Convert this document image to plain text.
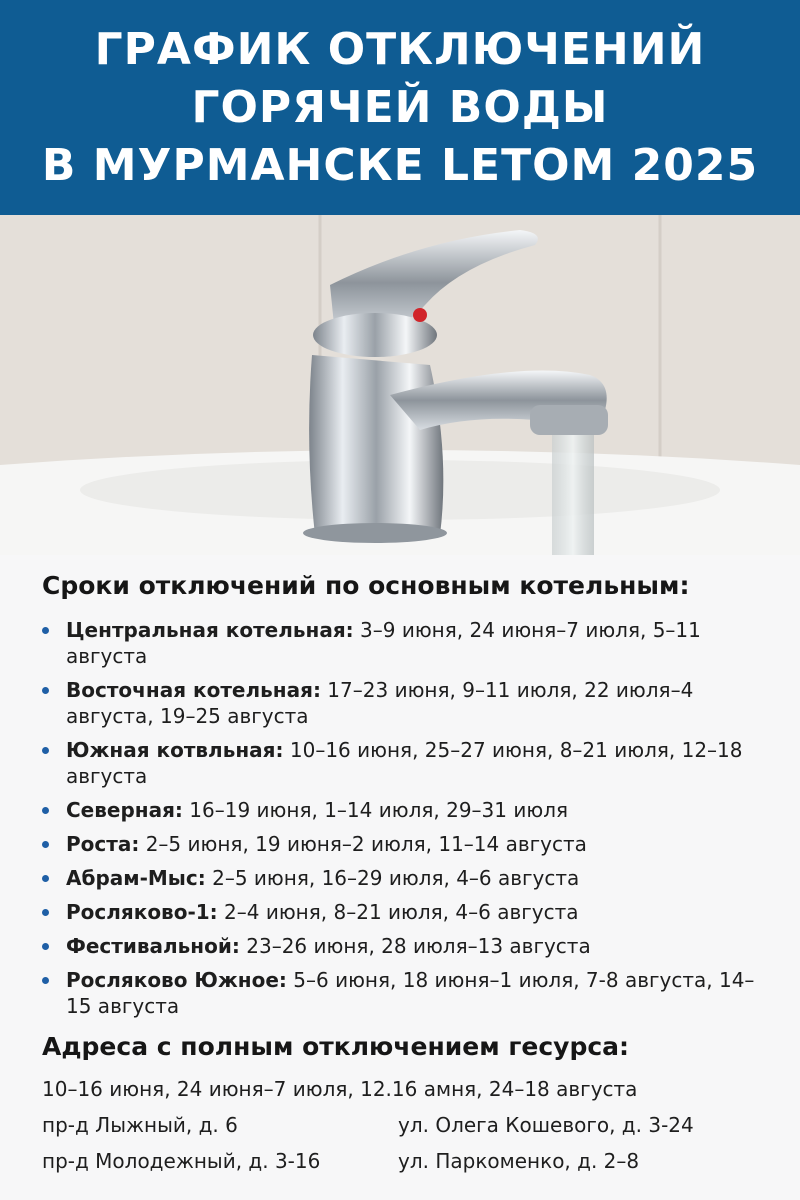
ГРАФИК ОТКЛЮЧЕНИЙ
ГОРЯЧЕЙ ВОДЫ
В МУРМАНСКЕ LETOM 2025
Сроки отключений по основным котельным:
Центральная котельная: 3–9 июня, 24 июня–7 июля, 5–11 августа
Восточная котельная: 17–23 июня, 9–11 июля, 22 июля–4 августа, 19–25 августа
Южная котвльная: 10–16 июня, 25–27 июня, 8–21 июля, 12–18 августа
Северная: 16–19 июня, 1–14 июля, 29–31 июля
Роста: 2–5 июня, 19 июня–2 июля, 11–14 августа
Абрам-Мыс: 2–5 июня, 16–29 июля, 4–6 августа
Росляково-1: 2–4 июня, 8–21 июля, 4–6 августа
Фестивальной: 23–26 июня, 28 июля–13 августа
Росляково Южное: 5–6 июня, 18 июня–1 июля, 7-8 августа, 14–15 августа
Адреса с полным отключением гесурса:
10–16 июня, 24 июня–7 июля, 12.16 амня, 24–18 августа
пр-д Лыжный, д. 6	ул. Олега Кошевого, д. 3-24
пр-д Молодежный, д. 3-16	ул. Паркоменко, д. 2–8
